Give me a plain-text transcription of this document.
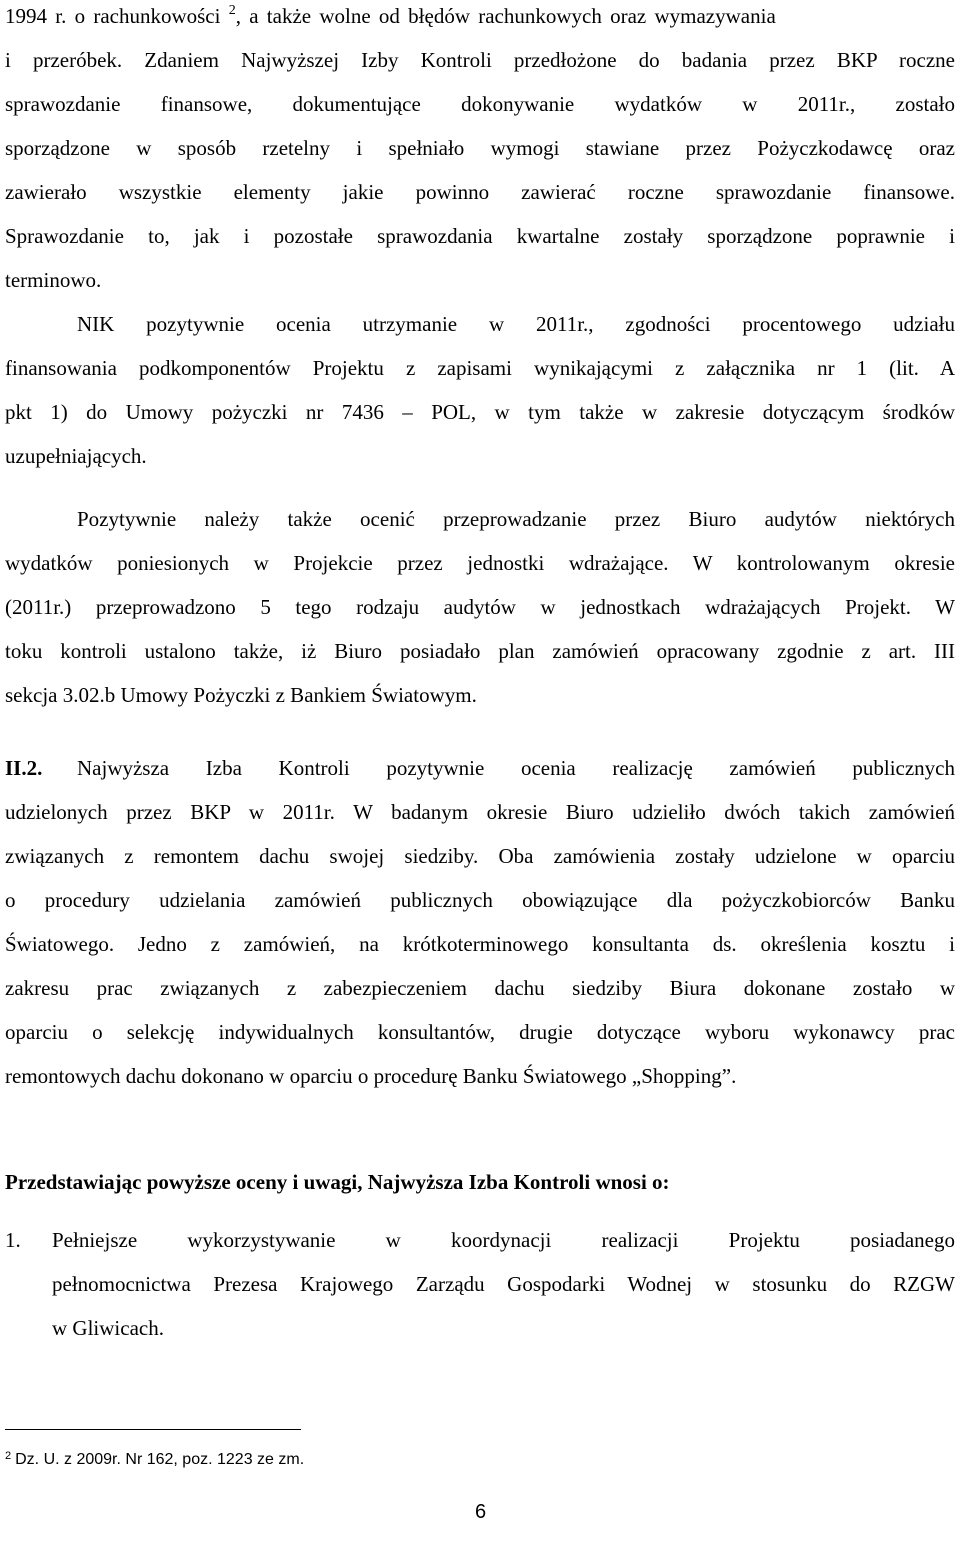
1994 r. o rachunkowości $^2$, a także wolne od błędów rachunkowych oraz wymazywania
i przeróbek. Zdaniem Najwyższej Izby Kontroli przedłożone do badania przez BKP roczne
sprawozdanie finansowe, dokumentujące dokonywanie wydatków w 2011r., zostało
sporządzone w sposób rzetelny i spełniało wymogi stawiane przez Pożyczkodawcę oraz
zawierało wszystkie elementy jakie powinno zawierać roczne sprawozdanie finansowe.
Sprawozdanie to, jak i pozostałe sprawozdania kwartalne zostały sporządzone poprawnie i
terminowo.
NIK pozytywnie ocenia utrzymanie w 2011r., zgodności procentowego udziału
finansowania podkomponentów Projektu z zapisami wynikającymi z załącznika nr 1 (lit. A
pkt 1) do Umowy pożyczki nr 7436 – POL, w tym także w zakresie dotyczącym środków
uzupełniających.
Pozytywnie należy także ocenić przeprowadzanie przez Biuro audytów niektórych
wydatków poniesionych w Projekcie przez jednostki wdrażające. W kontrolowanym okresie
(2011r.) przeprowadzono 5 tego rodzaju audytów w jednostkach wdrażających Projekt. W
toku kontroli ustalono także, iż Biuro posiadało plan zamówień opracowany zgodnie z art. III
sekcja 3.02.b Umowy Pożyczki z Bankiem Światowym.
II.2. Najwyższa Izba Kontroli pozytywnie ocenia realizację zamówień publicznych
udzielonych przez BKP w 2011r. W badanym okresie Biuro udzieliło dwóch takich zamówień
związanych z remontem dachu swojej siedziby. Oba zamówienia zostały udzielone w oparciu
o procedury udzielania zamówień publicznych obowiązujące dla pożyczkobiorców Banku
Światowego. Jedno z zamówień, na krótkoterminowego konsultanta ds. określenia kosztu i
zakresu prac związanych z zabezpieczeniem dachu siedziby Biura dokonane zostało w
oparciu o selekcję indywidualnych konsultantów, drugie dotyczące wyboru wykonawcy prac
remontowych dachu dokonano w oparciu o procedurę Banku Światowego „Shopping”.
Przedstawiając powyższe oceny i uwagi, Najwyższa Izba Kontroli wnosi o:
1. Pełniejsze wykorzystywanie w koordynacji realizacji Projektu posiadanego
pełnomocnictwa Prezesa Krajowego Zarządu Gospodarki Wodnej w stosunku do RZGW
w Gliwicach.
$^2$ Dz. U. z 2009r. Nr 162, poz. 1223 ze zm.
6
